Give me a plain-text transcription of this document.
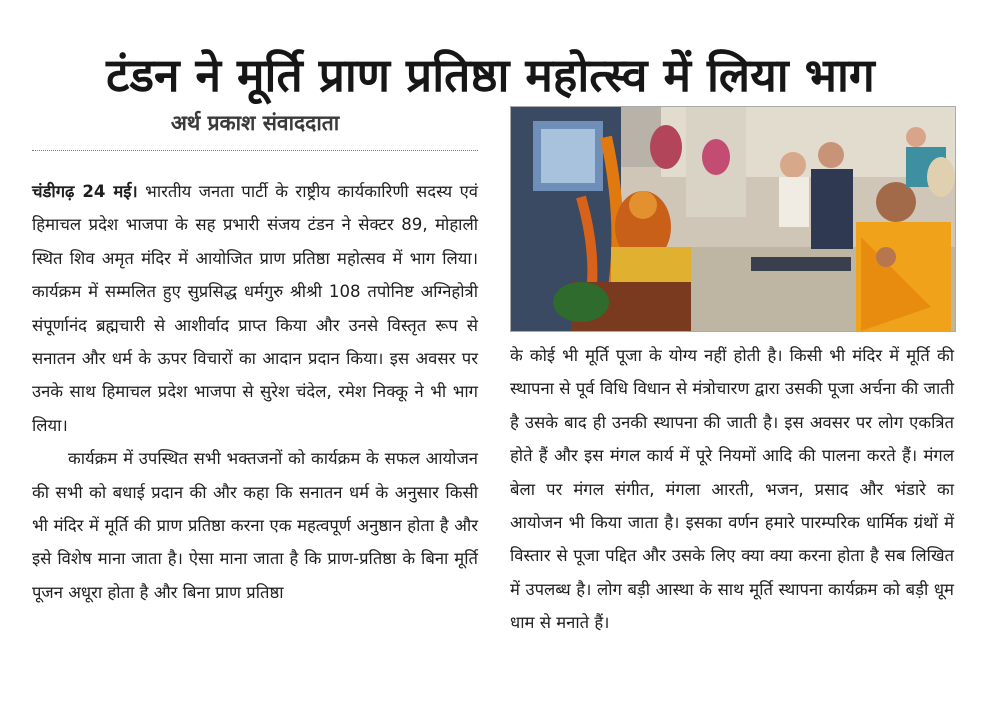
टंडन ने मूर्ति प्राण प्रतिष्ठा महोत्स्व में लिया भाग
अर्थ प्रकाश संवाददाता

चंडीगढ़ 24 मई। भारतीय जनता पार्टी के राष्ट्रीय कार्यकारिणी सदस्य एवं हिमाचल प्रदेश भाजपा के सह प्रभारी संजय टंडन ने सेक्टर 89, मोहाली स्थित शिव अमृत मंदिर में आयोजित प्राण प्रतिष्ठा महोत्सव में भाग लिया। कार्यक्रम में सम्मलित हुए सुप्रसिद्ध धर्मगुरु श्रीश्री 108 तपोनिष्ट अग्निहोत्री संपूर्णानंद ब्रह्मचारी से आशीर्वाद प्राप्त किया और उनसे विस्तृत रूप से सनातन और धर्म के ऊपर विचारों का आदान प्रदान किया। इस अवसर पर उनके साथ हिमाचल प्रदेश भाजपा से सुरेश चंदेल, रमेश निक्कू ने भी भाग लिया।

कार्यक्रम में उपस्थित सभी भक्तजनों को कार्यक्रम के सफल आयोजन की सभी को बधाई प्रदान की और कहा कि सनातन धर्म के अनुसार किसी भी मंदिर में मूर्ति की प्राण प्रतिष्ठा करना एक महत्वपूर्ण अनुष्ठान होता है और इसे विशेष माना जाता है। ऐसा माना जाता है कि प्राण-प्रतिष्ठा के बिना मूर्ति पूजन अधूरा होता है और बिना प्राण प्रतिष्ठा

के कोई भी मूर्ति पूजा के योग्य नहीं होती है। किसी भी मंदिर में मूर्ति की स्थापना से पूर्व विधि विधान से मंत्रोचारण द्वारा उसकी पूजा अर्चना की जाती है उसके बाद ही उनकी स्थापना की जाती है। इस अवसर पर लोग एकत्रित होते हैं और इस मंगल कार्य में पूरे नियमों आदि की पालना करते हैं। मंगल बेला पर मंगल संगीत, मंगला आरती, भजन, प्रसाद और भंडारे का आयोजन भी किया जाता है। इसका वर्णन हमारे पारम्परिक धार्मिक ग्रंथों में विस्तार से पूजा पद्दित और उसके लिए क्या क्या करना होता है सब लिखित में उपलब्ध है। लोग बड़ी आस्था के साथ मूर्ति स्थापना कार्यक्रम को बड़ी धूम धाम से मनाते हैं।
